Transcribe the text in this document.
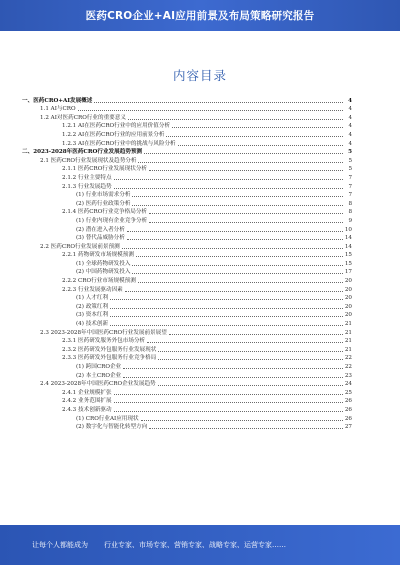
医药CRO企业+AI应用前景及布局策略研究报告
内容目录
一、医药CRO+AI发展概述	4
1.1 AI与CRO	4
1.2 AI对医药CRO行业的重要意义	4
1.2.1 AI在医药CRO行业中的应用价值分析	4
1.2.2 AI在医药CRO行业的应用前景分析	4
1.2.3 AI在医药CRO行业中的挑战与风险分析	4
二、2023-2028年医药CRO行业发展趋势预测	5
2.1 医药CRO行业发展现状及趋势分析	5
2.1.1 医药CRO行业发展现状分析	5
2.1.2 行业主要特点	7
2.1.3 行业发展趋势	7
(1) 行业市场需求分析	7
(2) 医药行业政策分析	8
2.1.4 医药CRO行业竞争格局分析	8
(1) 行业内现有企业竞争分析	9
(2) 潜在进入者分析	10
(3) 替代品威胁分析	14
2.2 医药CRO行业发展前景预测	14
2.2.1 药物研发市场规模预测	15
(1) 全球药物研发投入	15
(2) 中国药物研发投入	17
2.2.2 CRO行业市场规模预测	20
2.2.3 行业发展驱动因素	20
(1) 人才红利	20
(2) 政策红利	20
(3) 资本红利	20
(4) 技术创新	21
2.3 2023-2028年中国医药CRO行业发展前景展望	21
2.3.1 医药研发服务外包市场分析	21
2.3.2 医药研发外包服务行业发展现状	21
2.3.3 医药研发外包服务行业竞争格局	22
(1) 跨国CRO企业	22
(2) 本土CRO企业	23
2.4 2023-2028年中国医药CRO企业发展趋势	24
2.4.1 企业规模扩张	25
2.4.2 业务范围扩展	26
2.4.3 技术创新驱动	26
(1) CRO行业AI应用现状	26
(2) 数字化与智能化转型方向	27
让每个人都能成为 行业专家、市场专家、营销专家、战略专家、运营专家……
